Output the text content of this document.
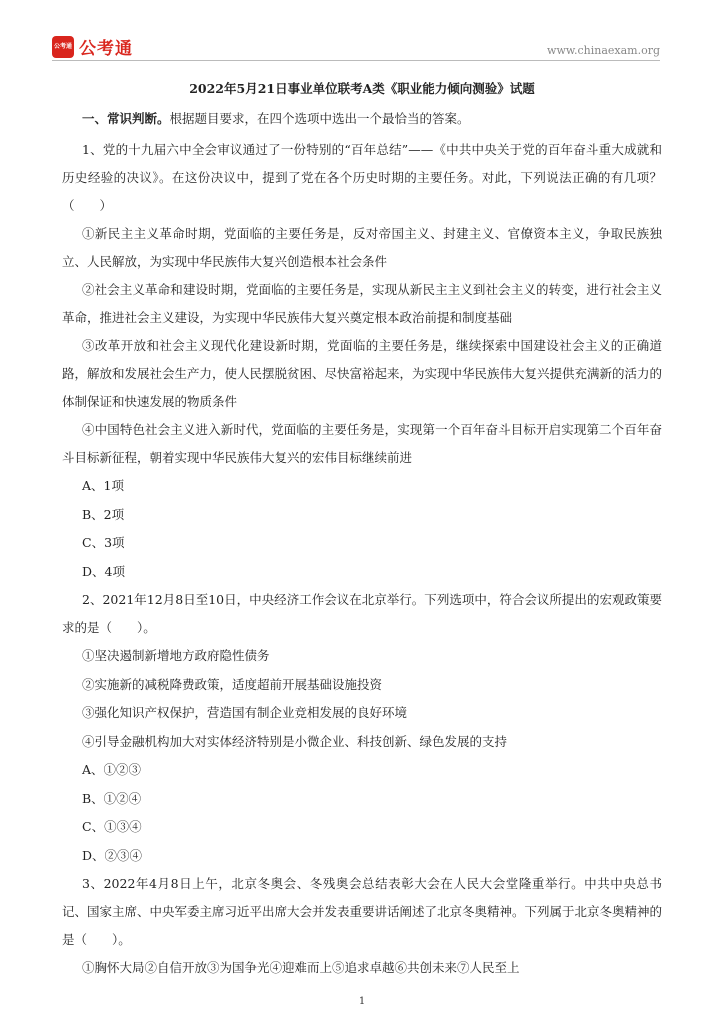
公考通 公考通	www.chinaexam.org
2022年5月21日事业单位联考A类《职业能力倾向测验》试题
一、常识判断。根据题目要求，在四个选项中选出一个最恰当的答案。

1、党的十九届六中全会审议通过了一份特别的“百年总结”——《中共中央关于党的百年奋斗重大成就和历史经验的决议》。在这份决议中，提到了党在各个历史时期的主要任务。对此，下列说法正确的有几项？（　　）

①新民主主义革命时期，党面临的主要任务是，反对帝国主义、封建主义、官僚资本主义，争取民族独立、人民解放，为实现中华民族伟大复兴创造根本社会条件

②社会主义革命和建设时期，党面临的主要任务是，实现从新民主主义到社会主义的转变，进行社会主义革命，推进社会主义建设，为实现中华民族伟大复兴奠定根本政治前提和制度基础

③改革开放和社会主义现代化建设新时期，党面临的主要任务是，继续探索中国建设社会主义的正确道路，解放和发展社会生产力，使人民摆脱贫困、尽快富裕起来，为实现中华民族伟大复兴提供充满新的活力的体制保证和快速发展的物质条件

④中国特色社会主义进入新时代，党面临的主要任务是，实现第一个百年奋斗目标开启实现第二个百年奋斗目标新征程，朝着实现中华民族伟大复兴的宏伟目标继续前进

A、1项

B、2项

C、3项

D、4项

2、2021年12月8日至10日，中央经济工作会议在北京举行。下列选项中，符合会议所提出的宏观政策要求的是（　　）。

①坚决遏制新增地方政府隐性债务

②实施新的减税降费政策，适度超前开展基础设施投资

③强化知识产权保护，营造国有制企业竞相发展的良好环境

④引导金融机构加大对实体经济特别是小微企业、科技创新、绿色发展的支持

A、①②③

B、①②④

C、①③④

D、②③④

3、2022年4月8日上午，北京冬奥会、冬残奥会总结表彰大会在人民大会堂隆重举行。中共中央总书记、国家主席、中央军委主席习近平出席大会并发表重要讲话阐述了北京冬奥精神。下列属于北京冬奥精神的是（　　）。

①胸怀大局②自信开放③为国争光④迎难而上⑤追求卓越⑥共创未来⑦人民至上

1
